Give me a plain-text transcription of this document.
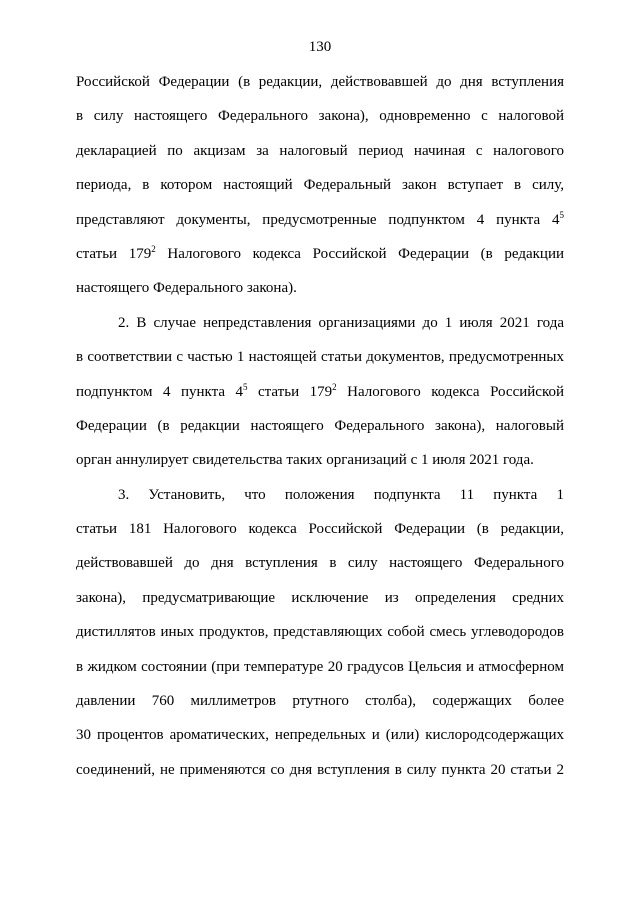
130
Российской Федерации (в редакции, действовавшей до дня вступления
в силу настоящего Федерального закона), одновременно с налоговой
декларацией по акцизам за налоговый период начиная с налогового
периода, в котором настоящий Федеральный закон вступает в силу,
представляют документы, предусмотренные подпунктом 4 пункта $4^5$
статьи $179^2$ Налогового кодекса Российской Федерации (в редакции
настоящего Федерального закона).
2. В случае непредставления организациями до 1 июля 2021 года
в соответствии с частью 1 настоящей статьи документов, предусмотренных
подпунктом 4 пункта $4^5$ статьи $179^2$ Налогового кодекса Российской
Федерации (в редакции настоящего Федерального закона), налоговый
орган аннулирует свидетельства таких организаций с 1 июля 2021 года.
3. Установить, что положения подпункта 11 пункта 1
статьи 181 Налогового кодекса Российской Федерации (в редакции,
действовавшей до дня вступления в силу настоящего Федерального
закона), предусматривающие исключение из определения средних
дистиллятов иных продуктов, представляющих собой смесь углеводородов
в жидком состоянии (при температуре 20 градусов Цельсия и атмосферном
давлении 760 миллиметров ртутного столба), содержащих более
30 процентов ароматических, непредельных и (или) кислородсодержащих
соединений, не применяются со дня вступления в силу пункта 20 статьи 2
